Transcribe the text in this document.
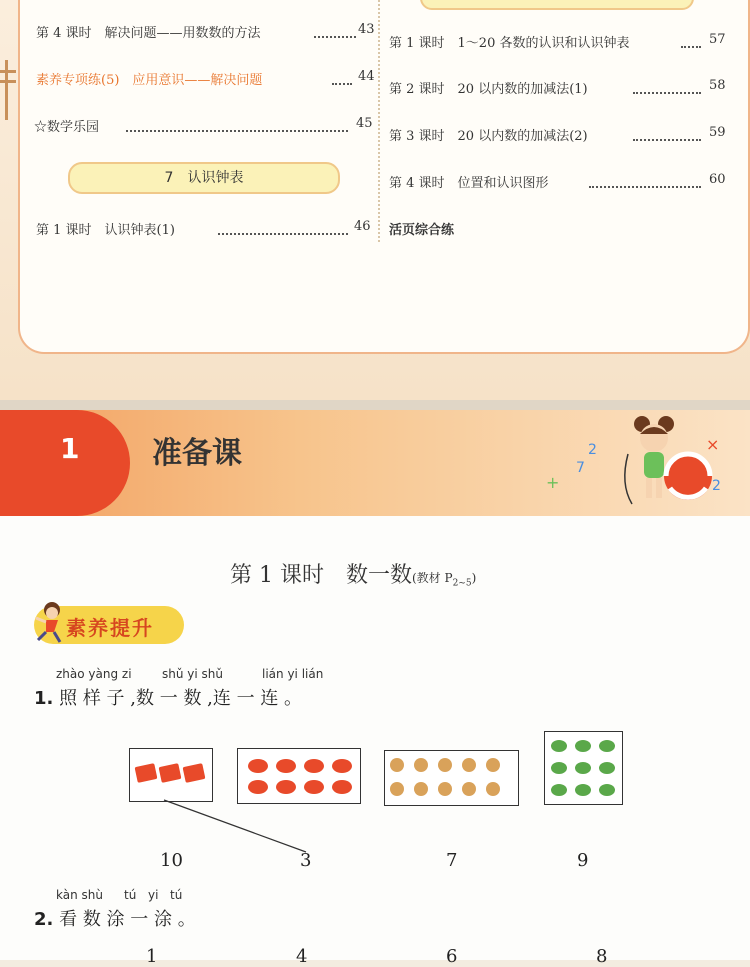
第 4 课时　解决问题——用数数的方法	43
素养专项练(5)　应用意识——解决问题	44
☆数学乐园	45
7　认识钟表
第 1 课时　认识钟表(1)	46
第 1 课时　1～20 各数的认识和认识钟表	57
第 2 课时　20 以内数的加减法(1)	58
第 3 课时　20 以内数的加减法(2)	59
第 4 课时　位置和认识图形	60
活页综合练
1 准备课	2
7
+
×
2
第 1 课时　数一数(教材 $P_{2\sim 5}$)
素养提升
zhào yàng zi	shǔ yi shǔ	lián yi lián
1. 照 样 子 ,数 一 数 ,连 一 连 。
10	3	7	9
kàn shù tú yi tú
2. 看 数 涂 一 涂 。
1	4	6	8
